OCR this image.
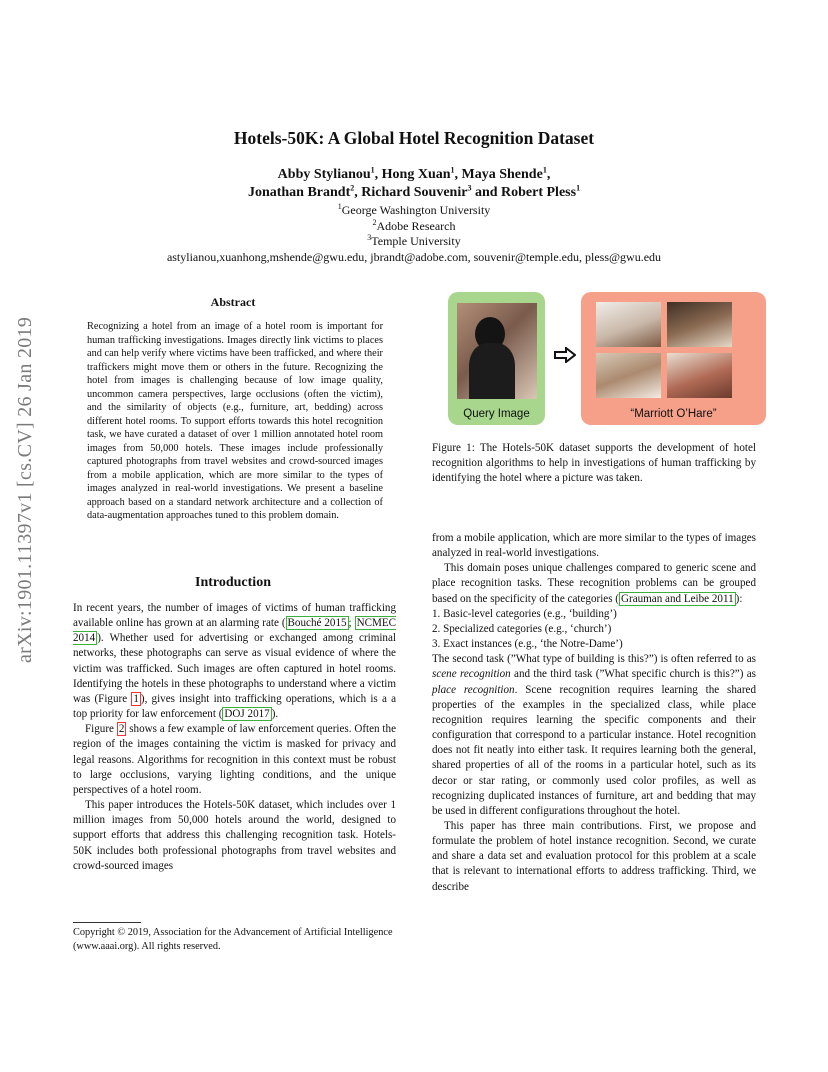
arXiv:1901.11397v1 [cs.CV] 26 Jan 2019
Hotels-50K: A Global Hotel Recognition Dataset
Abby Stylianou$^1$, Hong Xuan$^1$, Maya Shende$^1$,
Jonathan Brandt$^2$, Richard Souvenir$^3$ and Robert Pless$^1$
$^1$George Washington University
$^2$Adobe Research
$^3$Temple University
astylianou,xuanhong,mshende@gwu.edu, jbrandt@adobe.com, souvenir@temple.edu, pless@gwu.edu
Abstract
Recognizing a hotel from an image of a hotel room is important for human trafficking investigations. Images directly link victims to places and can help verify where victims have been trafficked, and where their traffickers might move them or others in the future. Recognizing the hotel from images is challenging because of low image quality, uncommon camera perspectives, large occlusions (often the victim), and the similarity of objects (e.g., furniture, art, bedding) across different hotel rooms. To support efforts towards this hotel recognition task, we have curated a dataset of over 1 million annotated hotel room images from 50,000 hotels. These images include professionally captured photographs from travel websites and crowd-sourced images from a mobile application, which are more similar to the types of images analyzed in real-world investigations. We present a baseline approach based on a standard network architecture and a collection of data-augmentation approaches tuned to this problem domain.
Introduction

In recent years, the number of images of victims of human trafficking available online has grown at an alarming rate ( Bouché 2015 ; NCMEC 2014 ). Whether used for advertising or exchanged among criminal networks, these photographs can serve as visual evidence of where the victim was trafficked. Such images are often captured in hotel rooms. Identifying the hotels in these photographs to understand where a victim was (Figure 1 ), gives insight into trafficking operations, which is a a top priority for law enforcement ( DOJ 2017 ).

Figure 2 shows a few example of law enforcement queries. Often the region of the images containing the victim is masked for privacy and legal reasons. Algorithms for recognition in this context must be robust to large occlusions, varying lighting conditions, and the unique perspectives of a hotel room.

This paper introduces the Hotels-50K dataset, which includes over 1 million images from 50,000 hotels around the world, designed to support efforts that address this challenging recognition task. Hotels-50K includes both professional photographs from travel websites and crowd-sourced images

Copyright © 2019, Association for the Advancement of Artificial Intelligence (www.aaai.org). All rights reserved.
Query Image	“Marriott O’Hare”
Figure 1: The Hotels-50K dataset supports the development of hotel recognition algorithms to help in investigations of human trafficking by identifying the hotel where a picture was taken.

from a mobile application, which are more similar to the types of images analyzed in real-world investigations.

This domain poses unique challenges compared to generic scene and place recognition tasks. These recognition problems can be grouped based on the specificity of the categories ( Grauman and Leibe 2011 ):

1. Basic-level categories (e.g., ‘building’)

2. Specialized categories (e.g., ‘church’)

3. Exact instances (e.g., ‘the Notre-Dame’)

The second task (”What type of building is this?”) is often referred to as scene recognition and the third task (”What specific church is this?”) as place recognition. Scene recognition requires learning the shared properties of the examples in the specialized class, while place recognition requires learning the specific components and their configuration that correspond to a particular instance. Hotel recognition does not fit neatly into either task. It requires learning both the general, shared properties of all of the rooms in a particular hotel, such as its decor or star rating, or commonly used color profiles, as well as recognizing duplicated instances of furniture, art and bedding that may be used in different configurations throughout the hotel.

This paper has three main contributions. First, we propose and formulate the problem of hotel instance recognition. Second, we curate and share a data set and evaluation protocol for this problem at a scale that is relevant to international efforts to address trafficking. Third, we describe
